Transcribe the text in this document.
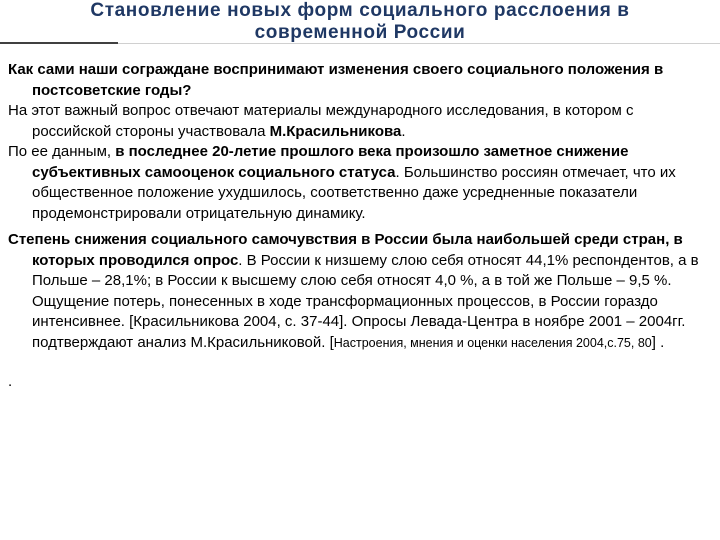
Становление новых форм социального расслоения в
современной России

Как сами наши сограждане воспринимают изменения своего социального положения в постсоветские годы?

На этот важный вопрос отвечают материалы международного исследования, в котором с российской стороны участвовала М.Красильникова.

По ее данным, в последнее 20-летие прошлого века произошло заметное снижение субъективных самооценок социального статуса. Большинство россиян отмечает, что их общественное положение ухудшилось, соответственно даже усредненные показатели продемонстрировали отрицательную динамику.

Степень снижения социального самочувствия в России была наибольшей среди стран, в которых проводился опрос. В России к низшему слою себя относят 44,1% респондентов, а в Польше – 28,1%; в России к высшему слою себя относят 4,0 %, а в той же Польше – 9,5 %. Ощущение потерь, понесенных в ходе трансформационных процессов, в России гораздо интенсивнее. [Красильникова 2004, с. 37-44]. Опросы Левада-Центра в ноябре 2001 – 2004гг. подтверждают анализ М.Красильниковой. [Настроения, мнения и оценки населения 2004,с.75, 80] .

.
